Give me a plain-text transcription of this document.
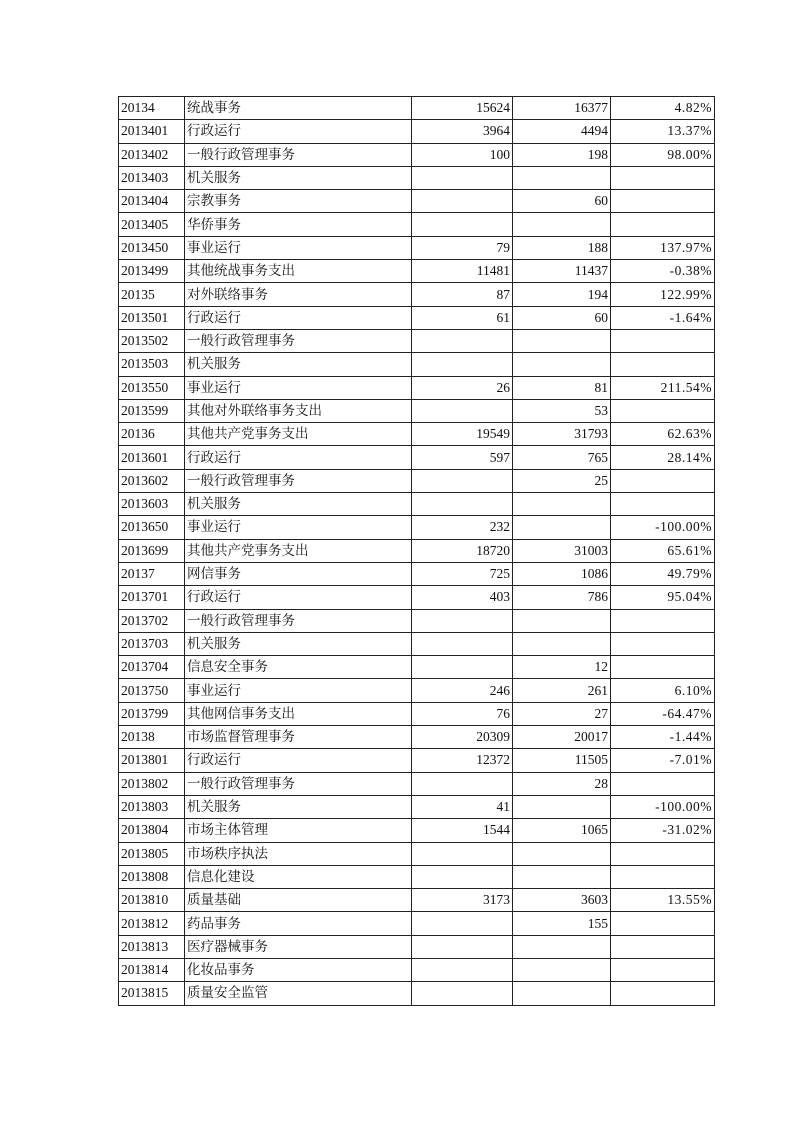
20134	统战事务	15624	16377	4.82%
2013401	行政运行	3964	4494	13.37%
2013402	一般行政管理事务	100	198	98.00%
2013403	机关服务			
2013404	宗教事务		60	
2013405	华侨事务			
2013450	事业运行	79	188	137.97%
2013499	其他统战事务支出	11481	11437	-0.38%
20135	对外联络事务	87	194	122.99%
2013501	行政运行	61	60	-1.64%
2013502	一般行政管理事务			
2013503	机关服务			
2013550	事业运行	26	81	211.54%
2013599	其他对外联络事务支出		53	
20136	其他共产党事务支出	19549	31793	62.63%
2013601	行政运行	597	765	28.14%
2013602	一般行政管理事务		25	
2013603	机关服务			
2013650	事业运行	232		-100.00%
2013699	其他共产党事务支出	18720	31003	65.61%
20137	网信事务	725	1086	49.79%
2013701	行政运行	403	786	95.04%
2013702	一般行政管理事务			
2013703	机关服务			
2013704	信息安全事务		12	
2013750	事业运行	246	261	6.10%
2013799	其他网信事务支出	76	27	-64.47%
20138	市场监督管理事务	20309	20017	-1.44%
2013801	行政运行	12372	11505	-7.01%
2013802	一般行政管理事务		28	
2013803	机关服务	41		-100.00%
2013804	市场主体管理	1544	1065	-31.02%
2013805	市场秩序执法			
2013808	信息化建设			
2013810	质量基础	3173	3603	13.55%
2013812	药品事务		155	
2013813	医疗器械事务			
2013814	化妆品事务			
2013815	质量安全监管			
